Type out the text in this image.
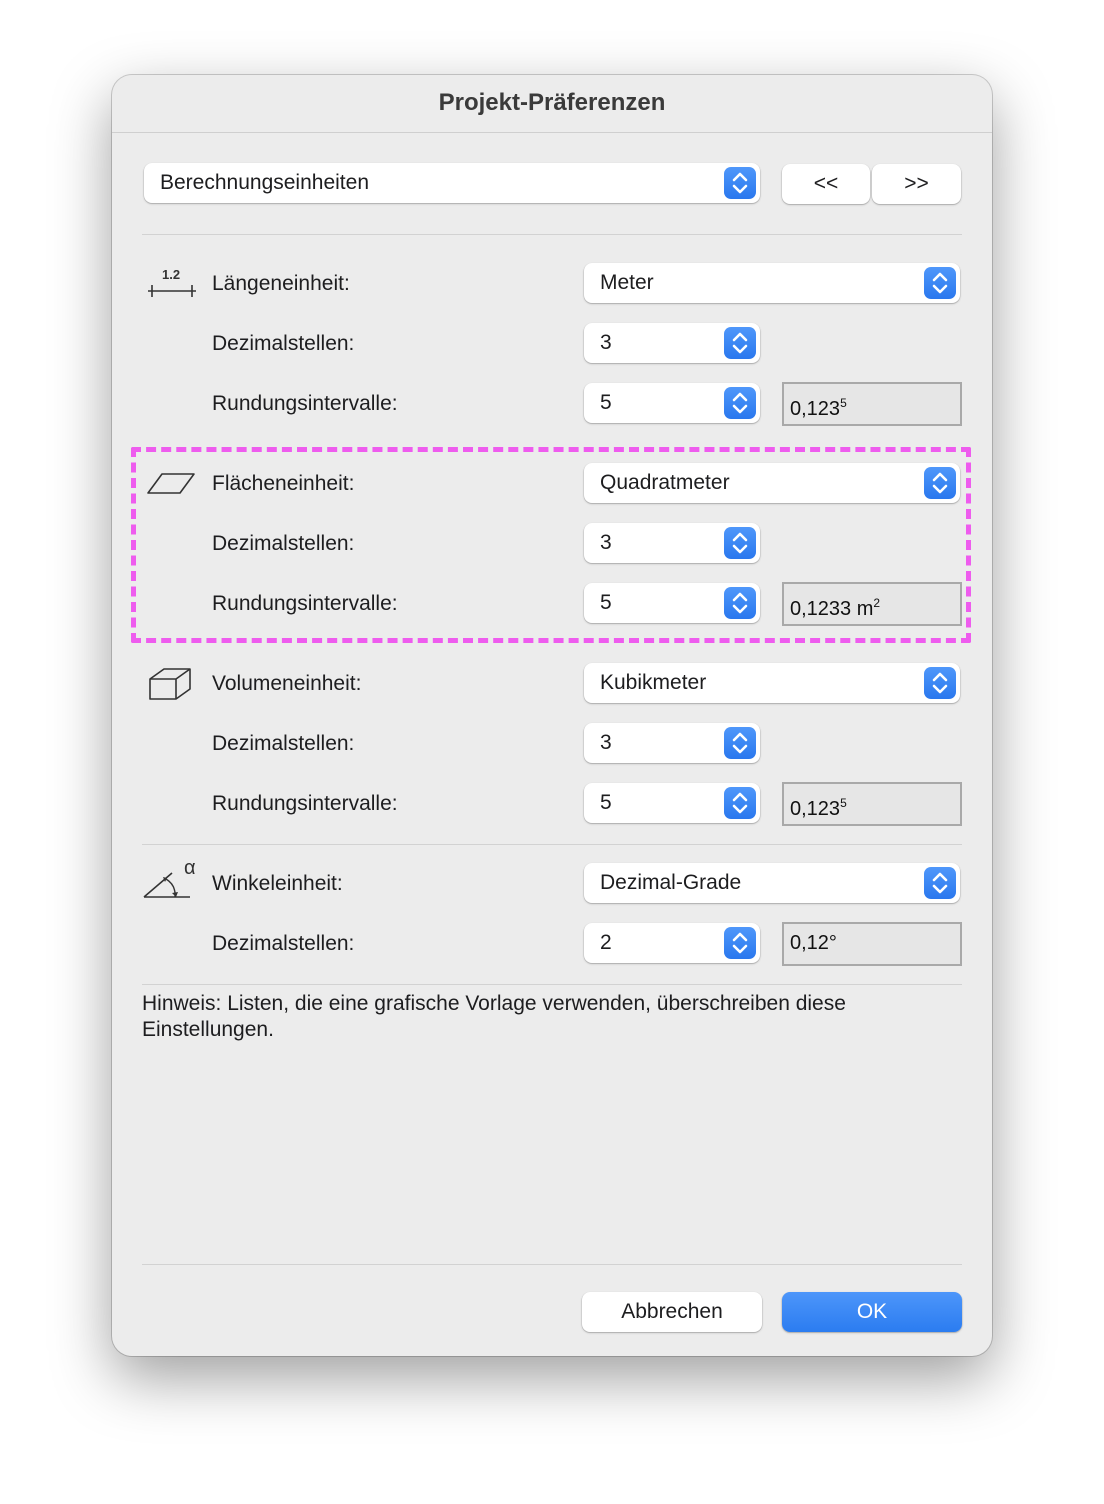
Projekt-Präferenzen
Berechnungseinheiten	<<	>>
1.2 Längeneinheit:	Meter
Dezimalstellen:	3
Rundungsintervalle:	5	0,123$^5$
Flächeneinheit:	Quadratmeter
Dezimalstellen:	3
Rundungsintervalle:	5	0,1233 $m^2$
Volumeneinheit:	Kubikmeter
Dezimalstellen:	3
Rundungsintervalle:	5	0,123$^5$
α
Winkeleinheit:	Dezimal-Grade
Dezimalstellen:	2	0,12°
Hinweis: Listen, die eine grafische Vorlage verwenden, überschreiben diese Einstellungen.
Abbrechen	OK
